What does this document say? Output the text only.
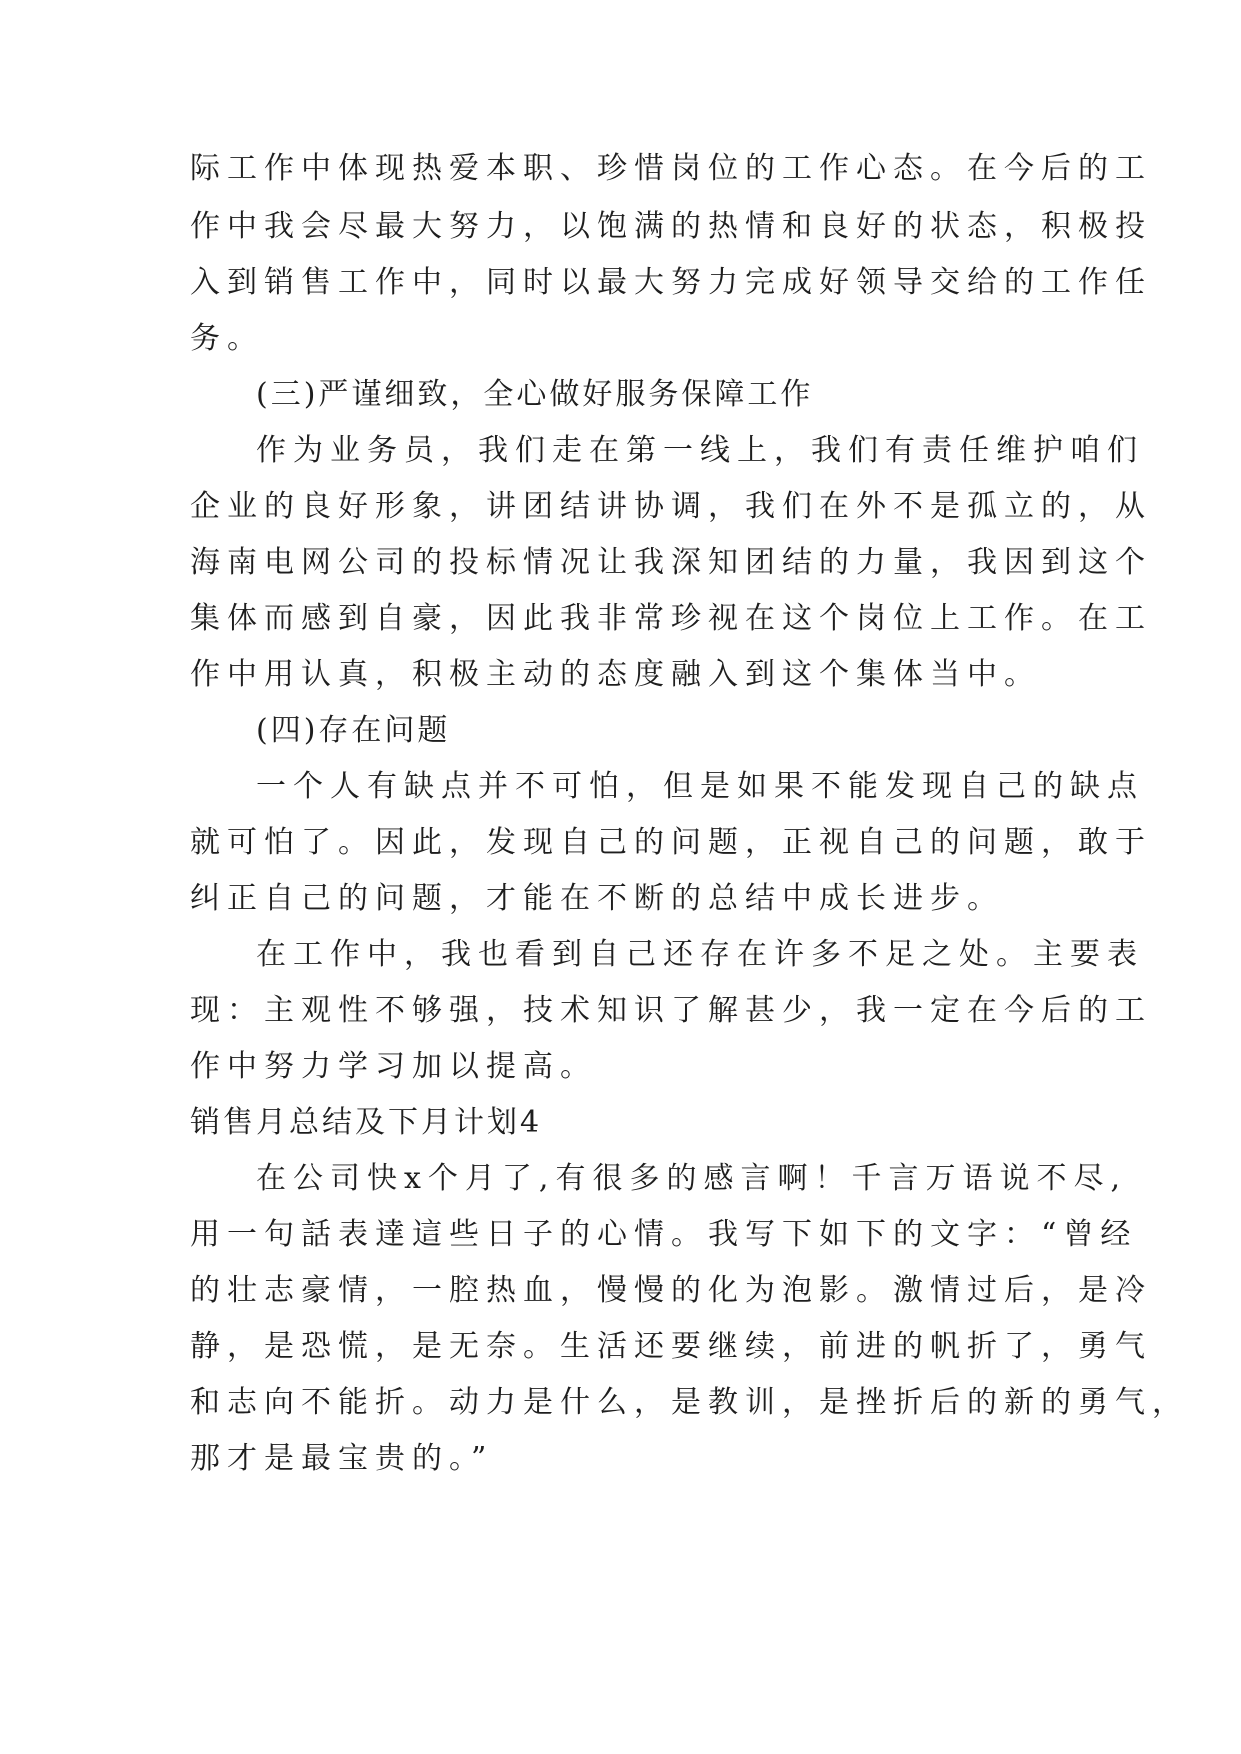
际工作中体现热爱本职、珍惜岗位的工作心态。在今后的工
作中我会尽最大努力，以饱满的热情和良好的状态，积极投
入到销售工作中，同时以最大努力完成好领导交给的工作任
务。
(三)严谨细致，全心做好服务保障工作
作为业务员，我们走在第一线上，我们有责任维护咱们
企业的良好形象，讲团结讲协调，我们在外不是孤立的，从
海南电网公司的投标情况让我深知团结的力量，我因到这个
集体而感到自豪，因此我非常珍视在这个岗位上工作。在工
作中用认真，积极主动的态度融入到这个集体当中。
(四)存在问题
一个人有缺点并不可怕，但是如果不能发现自己的缺点
就可怕了。因此，发现自己的问题，正视自己的问题，敢于
纠正自己的问题，才能在不断的总结中成长进步。
在工作中，我也看到自己还存在许多不足之处。主要表
现：主观性不够强，技术知识了解甚少，我一定在今后的工
作中努力学习加以提高。
销售月总结及下月计划4
在公司快x个月了,有很多的感言啊！千言万语说不尽,
用一句話表達這些日子的心情。我写下如下的文字：“曾经
的壮志豪情，一腔热血，慢慢的化为泡影。激情过后，是冷
静，是恐慌，是无奈。生活还要继续，前进的帆折了，勇气
和志向不能折。动力是什么，是教训，是挫折后的新的勇气，
那才是最宝贵的。”
